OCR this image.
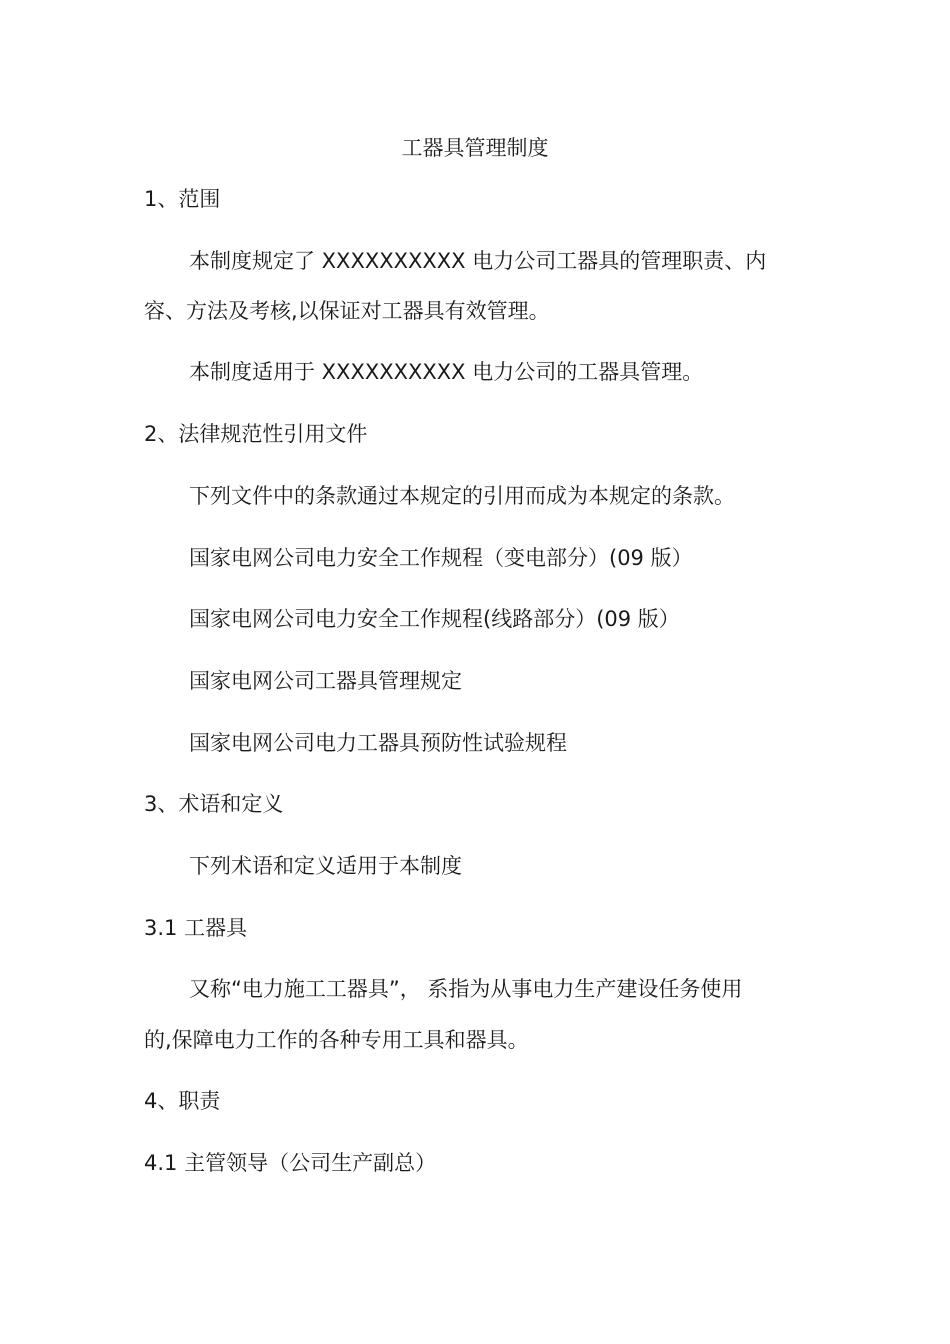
工器具管理制度
1、范围
本制度规定了 XXXXXXXXXX 电力公司工器具的管理职责、内
容、方法及考核,以保证对工器具有效管理。
本制度适用于 XXXXXXXXXX 电力公司的工器具管理。
2、法律规范性引用文件
下列文件中的条款通过本规定的引用而成为本规定的条款。
国家电网公司电力安全工作规程（变电部分）(09 版）
国家电网公司电力安全工作规程(线路部分）(09 版）
国家电网公司工器具管理规定
国家电网公司电力工器具预防性试验规程
3、术语和定义
下列术语和定义适用于本制度
3.1 工器具
又称“电力施工工器具”， 系指为从事电力生产建设任务使用
的,保障电力工作的各种专用工具和器具。
4、职责
4.1 主管领导（公司生产副总）
